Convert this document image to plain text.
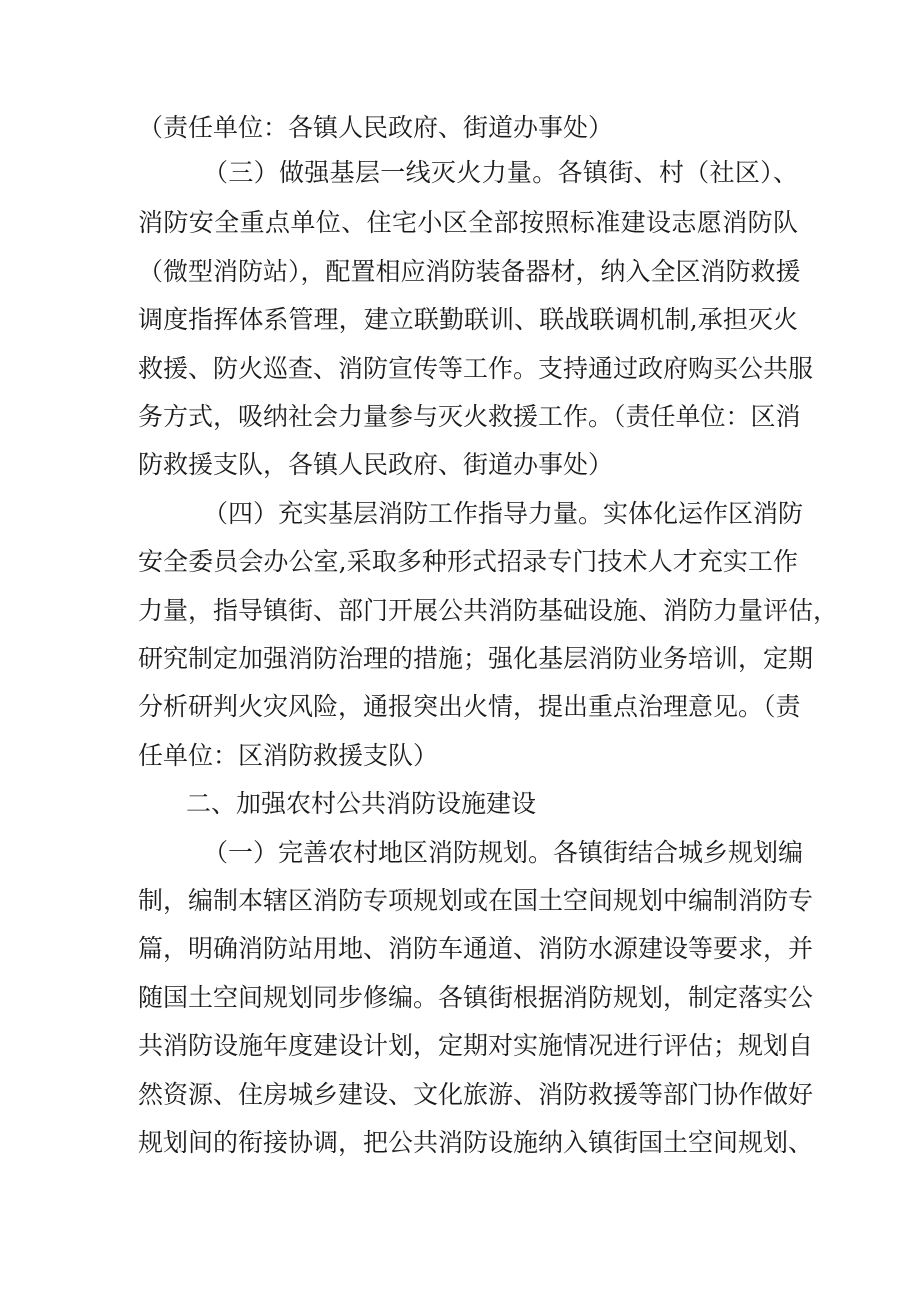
（责任单位：各镇人民政府、街道办事处）
（三）做强基层一线灭火力量。各镇街、村（社区）、
消防安全重点单位、住宅小区全部按照标准建设志愿消防队
（微型消防站），配置相应消防装备器材，纳入全区消防救援
调度指挥体系管理，建立联勤联训、联战联调机制,承担灭火
救援、防火巡查、消防宣传等工作。支持通过政府购买公共服
务方式，吸纳社会力量参与灭火救援工作。（责任单位：区消
防救援支队，各镇人民政府、街道办事处）
（四）充实基层消防工作指导力量。实体化运作区消防
安全委员会办公室,采取多种形式招录专门技术人才充实工作
力量，指导镇街、部门开展公共消防基础设施、消防力量评估，
研究制定加强消防治理的措施；强化基层消防业务培训，定期
分析研判火灾风险，通报突出火情，提出重点治理意见。（责
任单位：区消防救援支队）
二、加强农村公共消防设施建设
（一）完善农村地区消防规划。各镇街结合城乡规划编
制，编制本辖区消防专项规划或在国土空间规划中编制消防专
篇，明确消防站用地、消防车通道、消防水源建设等要求，并
随国土空间规划同步修编。各镇街根据消防规划，制定落实公
共消防设施年度建设计划，定期对实施情况进行评估；规划自
然资源、住房城乡建设、文化旅游、消防救援等部门协作做好
规划间的衔接协调，把公共消防设施纳入镇街国土空间规划、
